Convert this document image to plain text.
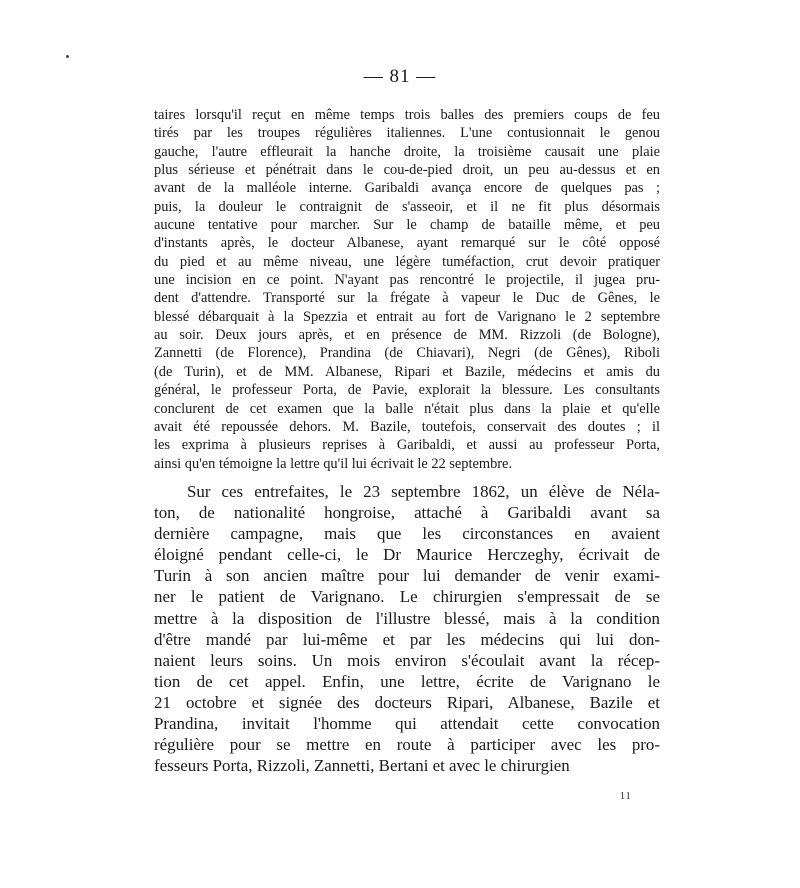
— 81 —
taires lorsqu'il reçut en même temps trois balles des premiers coups de feu
tirés par les troupes régulières italiennes. L'une contusionnait le genou
gauche, l'autre effleurait la hanche droite, la troisième causait une plaie
plus sérieuse et pénétrait dans le cou-de-pied droit, un peu au-dessus et en
avant de la malléole interne. Garibaldi avança encore de quelques pas ;
puis, la douleur le contraignit de s'asseoir, et il ne fit plus désormais
aucune tentative pour marcher. Sur le champ de bataille même, et peu
d'instants après, le docteur Albanese, ayant remarqué sur le côté opposé
du pied et au même niveau, une légère tuméfaction, crut devoir pratiquer
une incision en ce point. N'ayant pas rencontré le projectile, il jugea pru-
dent d'attendre. Transporté sur la frégate à vapeur le Duc de Gênes, le
blessé débarquait à la Spezzia et entrait au fort de Varignano le 2 septembre
au soir. Deux jours après, et en présence de MM. Rizzoli (de Bologne),
Zannetti (de Florence), Prandina (de Chiavari), Negri (de Gênes), Riboli
(de Turin), et de MM. Albanese, Ripari et Bazile, médecins et amis du
général, le professeur Porta, de Pavie, explorait la blessure. Les consultants
conclurent de cet examen que la balle n'était plus dans la plaie et qu'elle
avait été repoussée dehors. M. Bazile, toutefois, conservait des doutes ; il
les exprima à plusieurs reprises à Garibaldi, et aussi au professeur Porta,
ainsi qu'en témoigne la lettre qu'il lui écrivait le 22 septembre.
Sur ces entrefaites, le 23 septembre 1862, un élève de Néla-
ton, de nationalité hongroise, attaché à Garibaldi avant sa
dernière campagne, mais que les circonstances en avaient
éloigné pendant celle-ci, le Dr Maurice Herczeghy, écrivait de
Turin à son ancien maître pour lui demander de venir exami-
ner le patient de Varignano. Le chirurgien s'empressait de se
mettre à la disposition de l'illustre blessé, mais à la condition
d'être mandé par lui-même et par les médecins qui lui don-
naient leurs soins. Un mois environ s'écoulait avant la récep-
tion de cet appel. Enfin, une lettre, écrite de Varignano le
21 octobre et signée des docteurs Ripari, Albanese, Bazile et
Prandina, invitait l'homme qui attendait cette convocation
régulière pour se mettre en route à participer avec les pro-
fesseurs Porta, Rizzoli, Zannetti, Bertani et avec le chirurgien
11
